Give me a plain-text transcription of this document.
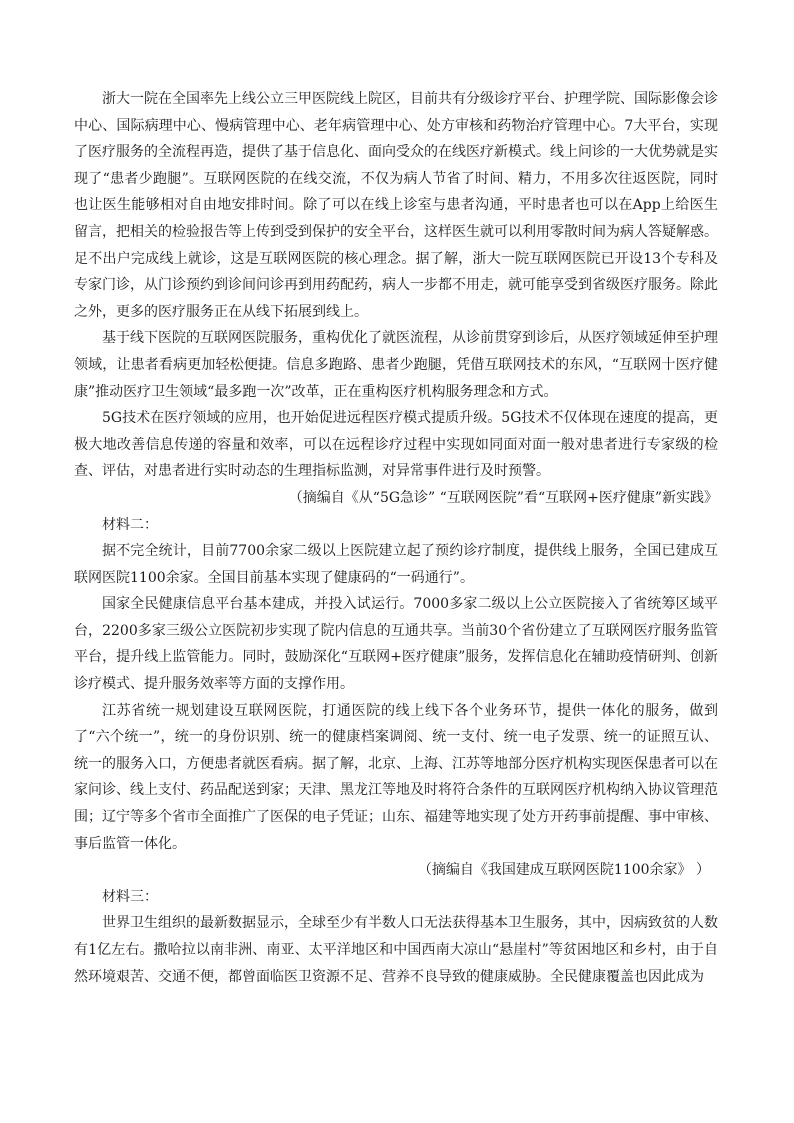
浙大一院在全国率先上线公立三甲医院线上院区，目前共有分级诊疗平台、护理学院、国际影像会诊中心、国际病理中心、慢病管理中心、老年病管理中心、处方审核和药物治疗管理中心。7大平台，实现了医疗服务的全流程再造，提供了基于信息化、面向受众的在线医疗新模式。线上问诊的一大优势就是实现了“患者少跑腿”。互联网医院的在线交流，不仅为病人节省了时间、精力，不用多次往返医院，同时也让医生能够相对自由地安排时间。除了可以在线上诊室与患者沟通，平时患者也可以在App上给医生留言，把相关的检验报告等上传到受到保护的安全平台，这样医生就可以利用零散时间为病人答疑解惑。足不出户完成线上就诊，这是互联网医院的核心理念。据了解，浙大一院互联网医院已开设13个专科及专家门诊，从门诊预约到诊间问诊再到用药配药，病人一步都不用走，就可能享受到省级医疗服务。除此之外，更多的医疗服务正在从线下拓展到线上。

基于线下医院的互联网医院服务，重构优化了就医流程，从诊前贯穿到诊后，从医疗领域延伸至护理领域，让患者看病更加轻松便捷。信息多跑路、患者少跑腿，凭借互联网技术的东风，“互联网十医疗健康”推动医疗卫生领域“最多跑一次”改革，正在重构医疗机构服务理念和方式。

5G技术在医疗领域的应用，也开始促进远程医疗模式提质升级。5G技术不仅体现在速度的提高，更极大地改善信息传递的容量和效率，可以在远程诊疗过程中实现如同面对面一般对患者进行专家级的检查、评估，对患者进行实时动态的生理指标监测，对异常事件进行及时预警。

（摘编自《从“5G急诊” “互联网医院”看“互联网+医疗健康”新实践》

材料二：

据不完全统计，目前7700余家二级以上医院建立起了预约诊疗制度，提供线上服务，全国已建成互联网医院1100余家。全国目前基本实现了健康码的“一码通行”。

国家全民健康信息平台基本建成，并投入试运行。7000多家二级以上公立医院接入了省统筹区域平台，2200多家三级公立医院初步实现了院内信息的互通共享。当前30个省份建立了互联网医疗服务监管平台，提升线上监管能力。同时，鼓励深化“互联网+医疗健康”服务，发挥信息化在辅助疫情研判、创新诊疗模式、提升服务效率等方面的支撑作用。

江苏省统一规划建设互联网医院，打通医院的线上线下各个业务环节，提供一体化的服务，做到了“六个统一”，统一的身份识别、统一的健康档案调阅、统一支付、统一电子发票、统一的证照互认、统一的服务入口，方便患者就医看病。据了解，北京、上海、江苏等地部分医疗机构实现医保患者可以在家问诊、线上支付、药品配送到家；天津、黑龙江等地及时将符合条件的互联网医疗机构纳入协议管理范围；辽宁等多个省市全面推广了医保的电子凭证；山东、福建等地实现了处方开药事前提醒、事中审核、事后监管一体化。

（摘编自《我国建成互联网医院1100余家》 ）

材料三：

世界卫生组织的最新数据显示，全球至少有半数人口无法获得基本卫生服务，其中，因病致贫的人数有1亿左右。撒哈拉以南非洲、南亚、太平洋地区和中国西南大凉山“悬崖村”等贫困地区和乡村，由于自然环境艰苦、交通不便，都曾面临医卫资源不足、营养不良导致的健康威胁。全民健康覆盖也因此成为
